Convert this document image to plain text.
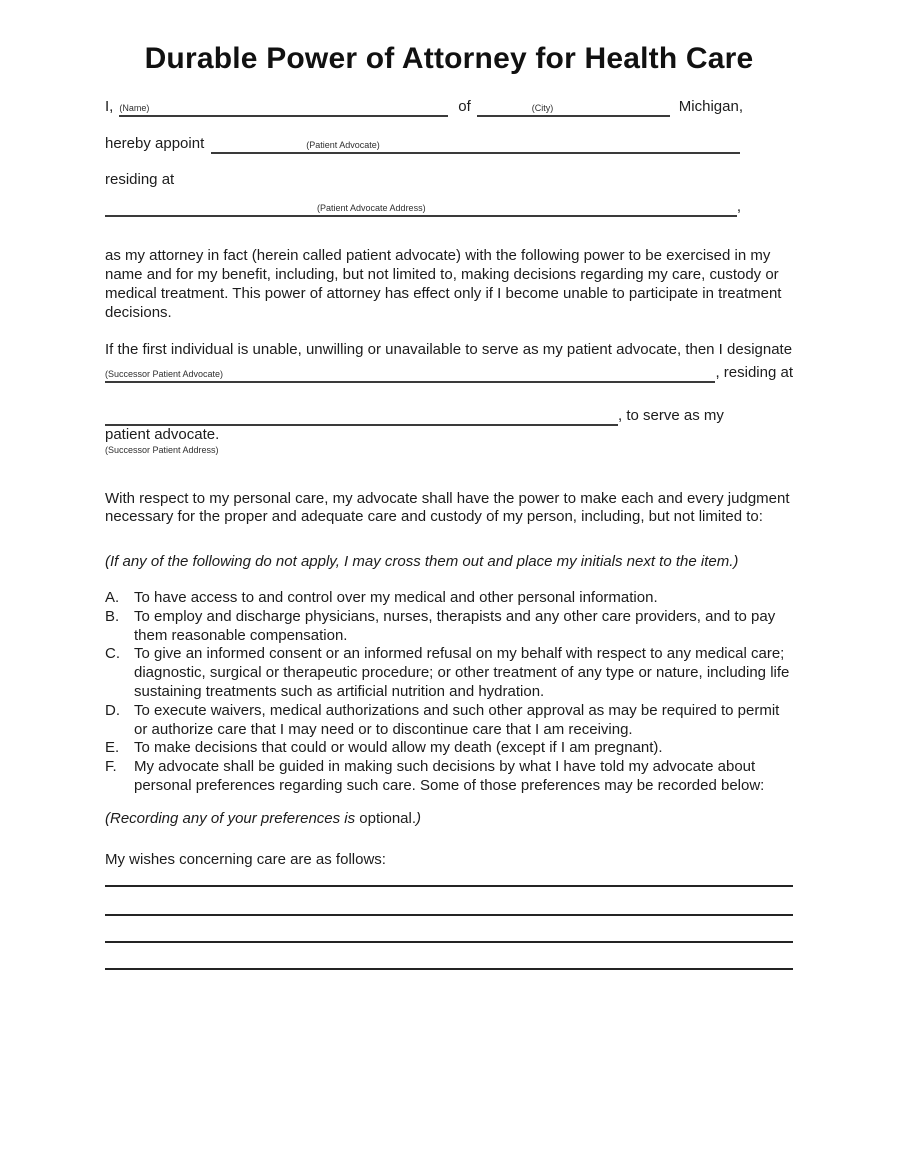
Durable Power of Attorney for Health Care
I, (Name)	of	(City)	Michigan,
hereby appoint	(Patient Advocate)

residing at

(Patient Advocate Address)	,

as my attorney in fact (herein called patient advocate) with the following power to be exercised in my name and for my benefit, including, but not limited to, making decisions regarding my care, custody or medical treatment. This power of attorney has effect only if I become unable to participate in treatment decisions.

If the first individual is unable, unwilling or unavailable to serve as my patient advocate, then I designate

(Successor Patient Advocate)	, residing at
, to serve as my
patient advocate.
(Successor Patient Address)

With respect to my personal care, my advocate shall have the power to make each and every judgment necessary for the proper and adequate care and custody of my person, including, but not limited to:

(If any of the following do not apply, I may cross them out and place my initials next to the item.)

A. To have access to and control over my medical and other personal information.
B. To employ and discharge physicians, nurses, therapists and any other care providers, and to pay them reasonable compensation.
C. To give an informed consent or an informed refusal on my behalf with respect to any medical care; diagnostic, surgical or therapeutic procedure; or other treatment of any type or nature, including life sustaining treatments such as artificial nutrition and hydration.
D. To execute waivers, medical authorizations and such other approval as may be required to permit or authorize care that I may need or to discontinue care that I am receiving.
E. To make decisions that could or would allow my death (except if I am pregnant).
F.	My advocate shall be guided in making such decisions by what I have told my advocate about personal preferences regarding such care. Some of those preferences may be recorded below:

(Recording any of your preferences is optional.)

My wishes concerning care are as follows:
